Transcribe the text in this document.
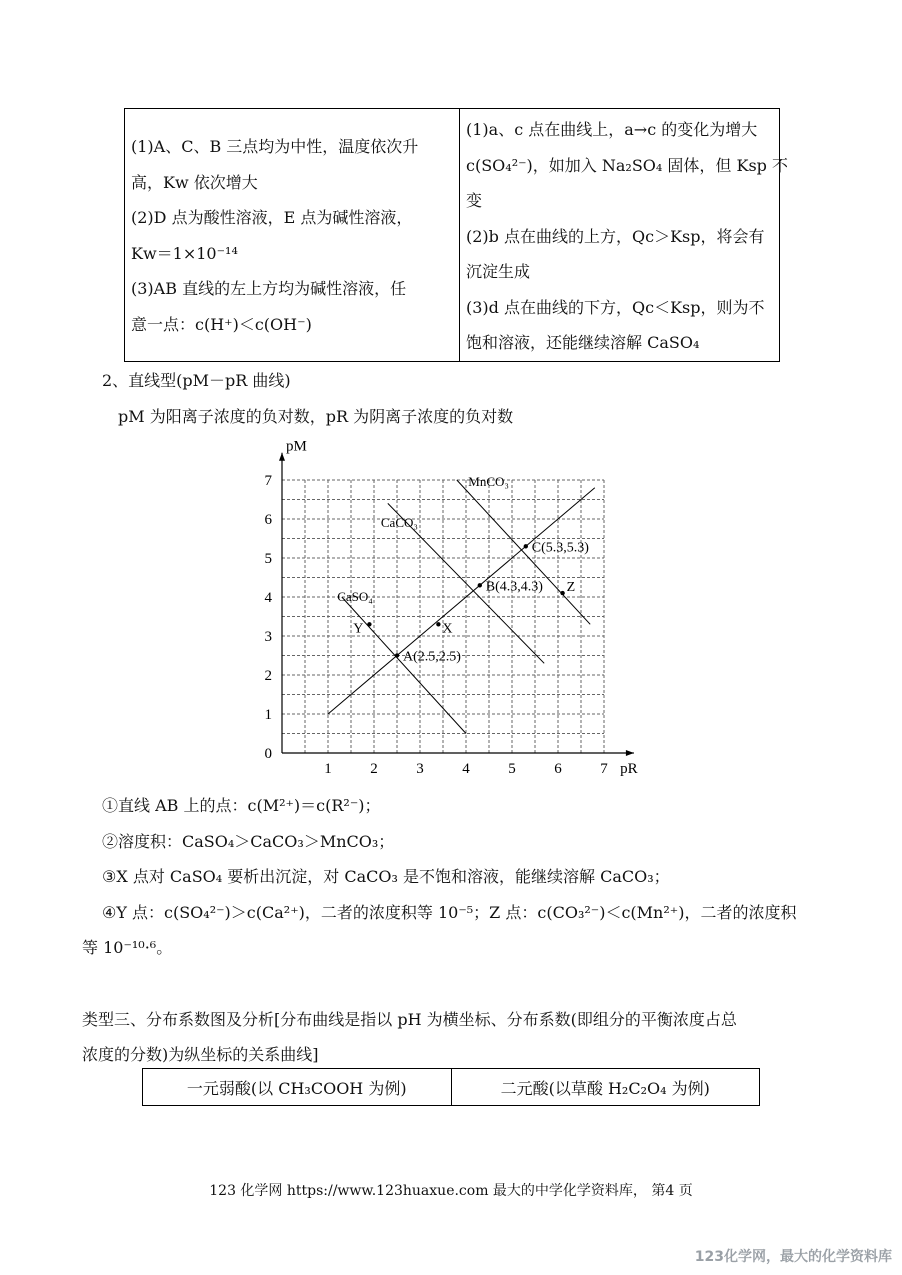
(1)A、C、B 三点均为中性，温度依次升
高，Kw 依次增大
(2)D 点为酸性溶液，E 点为碱性溶液，
Kw＝1×10⁻¹⁴
(3)AB 直线的左上方均为碱性溶液，任
意一点：c(H⁺)＜c(OH⁻)

(1)a、c 点在曲线上，a→c 的变化为增大
c(SO₄²⁻)，如加入 Na₂SO₄ 固体，但 Ksp 不
变
(2)b 点在曲线的上方，Qc＞Ksp，将会有
沉淀生成
(3)d 点在曲线的下方，Qc＜Ksp，则为不
饱和溶液，还能继续溶解 CaSO₄
2、直线型(pM－pR 曲线)
pM 为阳离子浓度的负对数，pR 为阴离子浓度的负对数
MnCO₃
CaCO₃
CaSO₄
A(2.5,2.5)
B(4.3,4.3)
C(5.3,5.3)
X
Y
Z
1	2	3	4	5	6	7
0
1
2
3
4
5
6
7
pR
pM
①直线 AB 上的点：c(M²⁺)＝c(R²⁻)；
②溶度积：CaSO₄＞CaCO₃＞MnCO₃；
③X 点对 CaSO₄ 要析出沉淀，对 CaCO₃ 是不饱和溶液，能继续溶解 CaCO₃；
④Y 点：c(SO₄²⁻)＞c(Ca²⁺)，二者的浓度积等 10⁻⁵；Z 点：c(CO₃²⁻)＜c(Mn²⁺)，二者的浓度积
等 10⁻¹⁰·⁶。
类型三、分布系数图及分析[分布曲线是指以 pH 为横坐标、分布系数(即组分的平衡浓度占总
浓度的分数)为纵坐标的关系曲线]
一元弱酸(以 CH₃COOH 为例)	二元酸(以草酸 H₂C₂O₄ 为例)
123 化学网 https://www.123huaxue.com 最大的中学化学资料库， 第4 页
123化学网，最大的化学资料库
